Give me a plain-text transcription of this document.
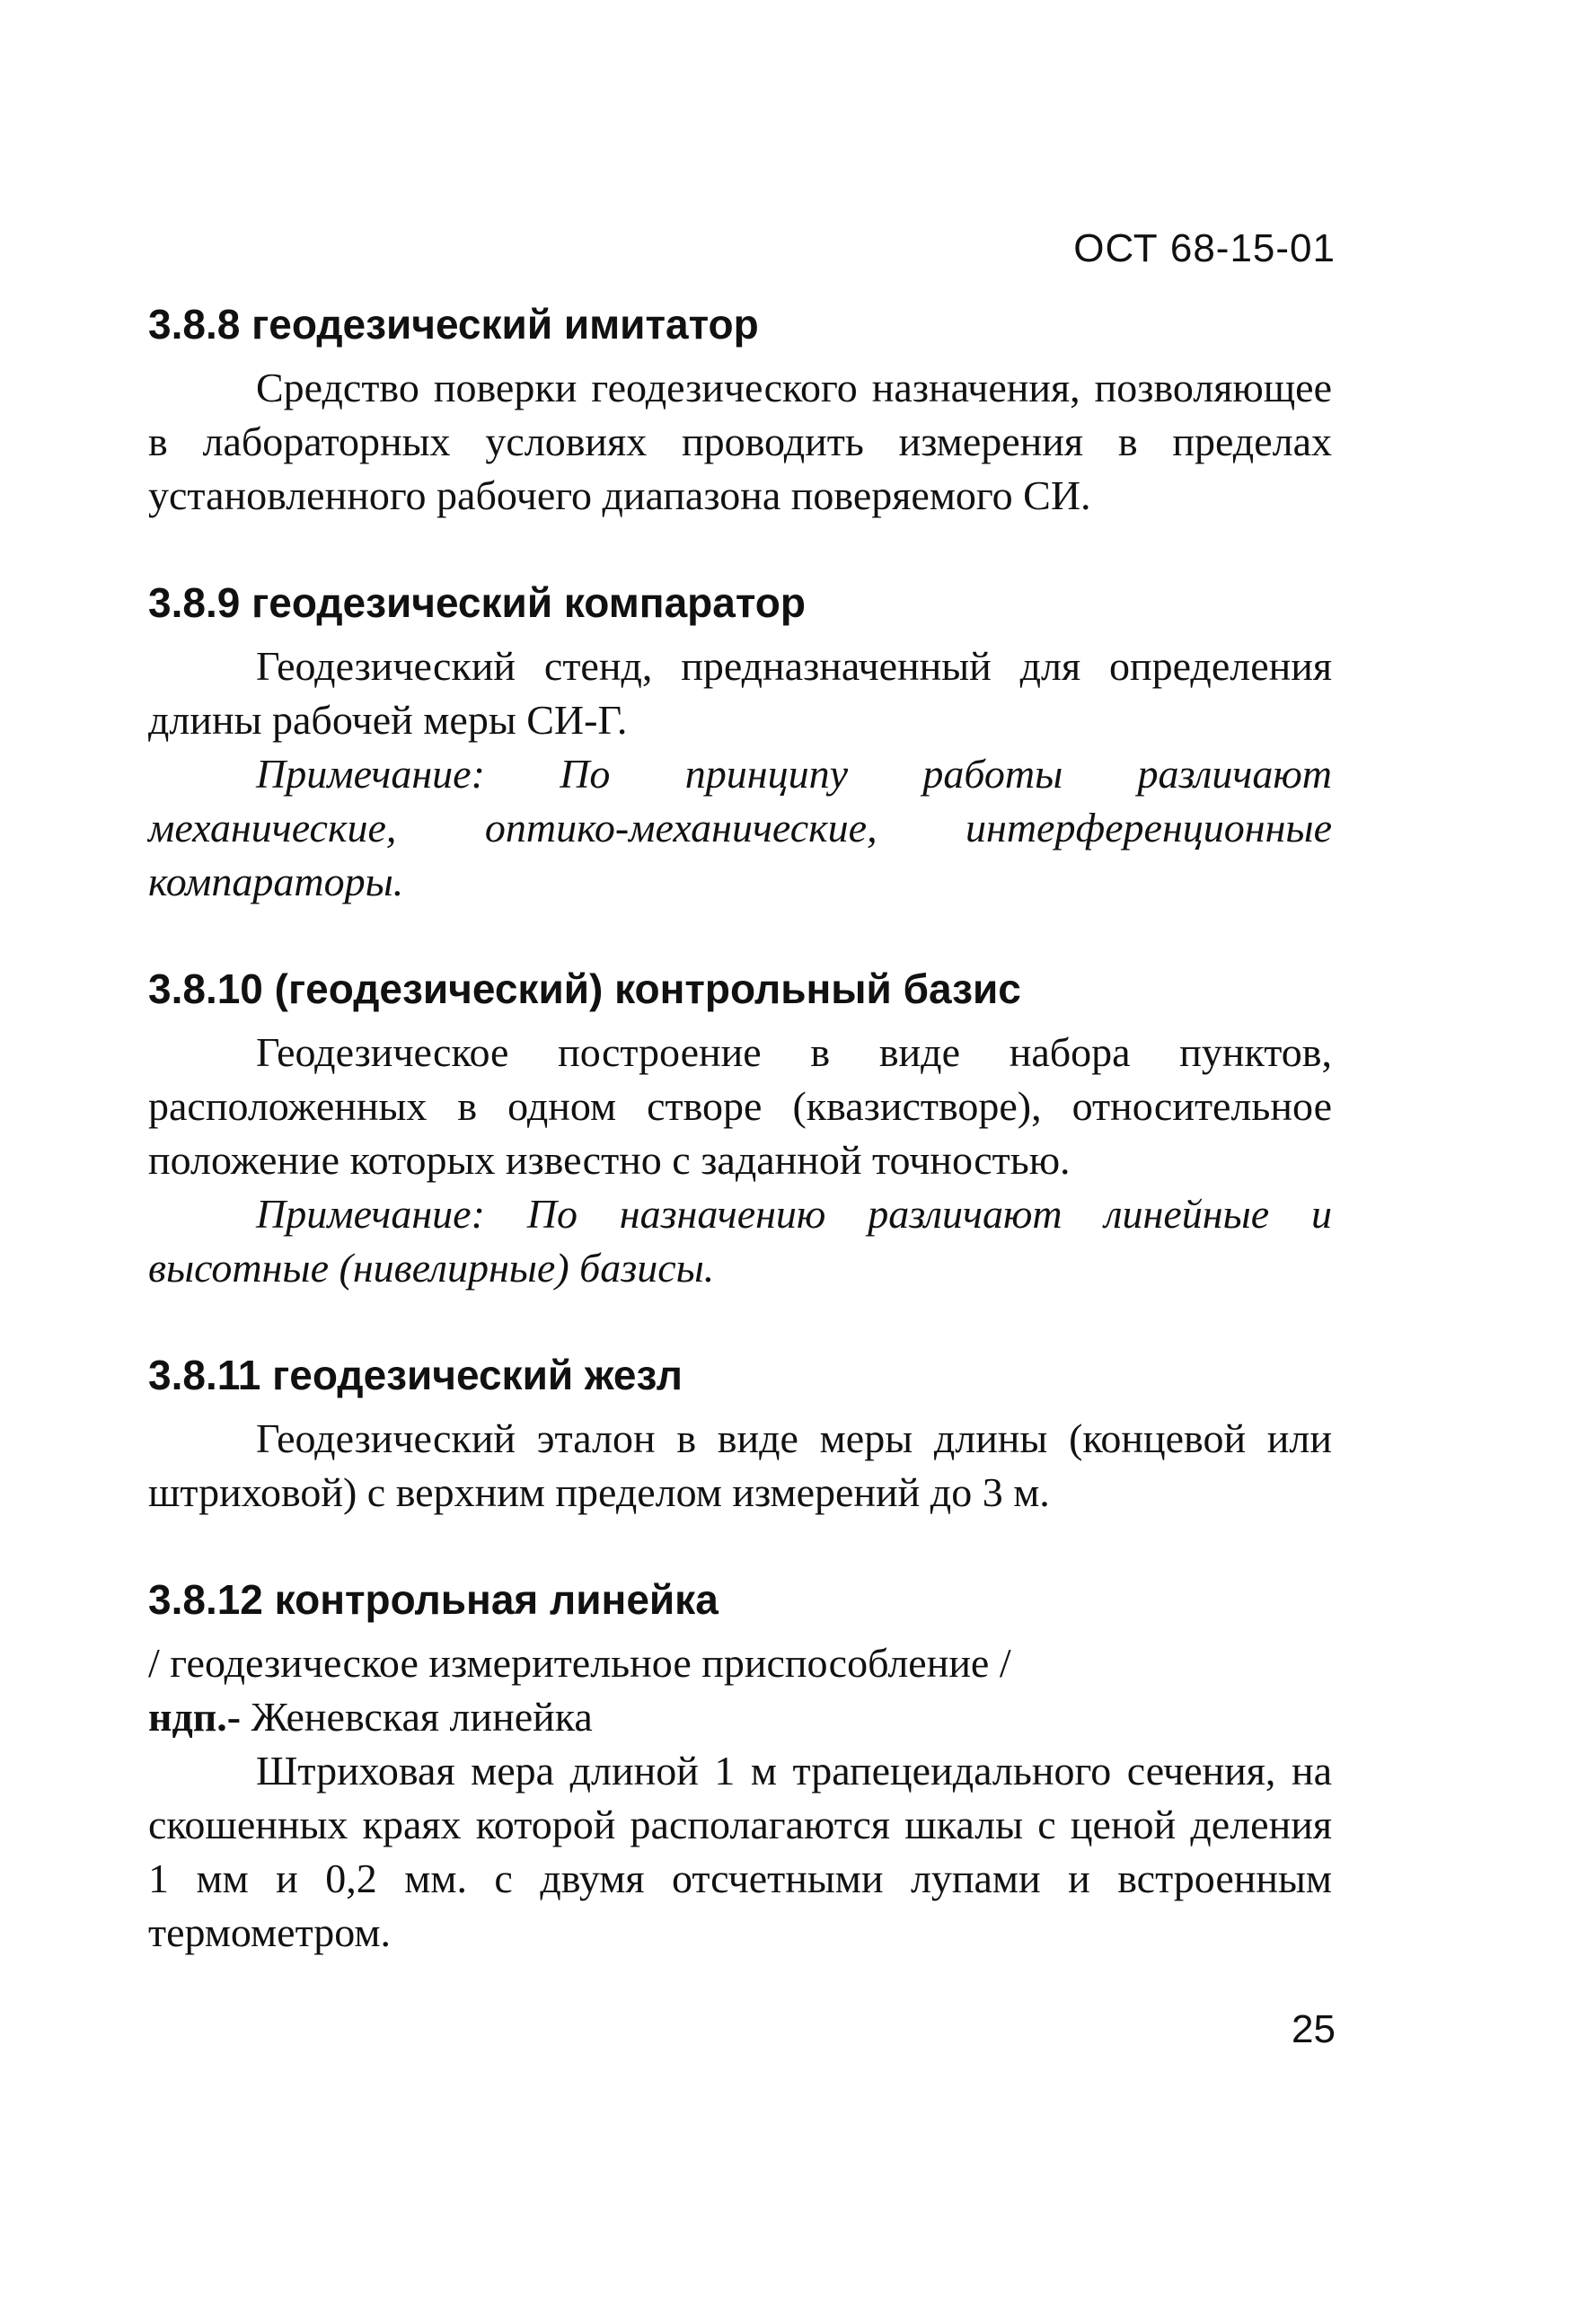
ОСТ 68-15-01
3.8.8 геодезический имитатор

Средство поверки геодезического назначения, позволяющее в лабораторных условиях проводить измерения в пределах установленного рабочего диапазона поверяемого СИ.

3.8.9 геодезический компаратор

Геодезический стенд, предназначенный для определения длины рабочей меры СИ-Г.

Примечание: По принципу работы различают механические, оптико-механические, интерференционные компараторы.

3.8.10 (геодезический) контрольный базис

Геодезическое построение в виде набора пунктов, расположенных в одном створе (квазистворе), относительное положение которых известно с заданной точностью.

Примечание: По назначению различают линейные и высотные (нивелирные) базисы.

3.8.11 геодезический жезл

Геодезический эталон в виде меры длины (концевой или штриховой) с верхним пределом измерений до 3 м.

3.8.12 контрольная линейка

/ геодезическое измерительное приспособление /

ндп.- Женевская линейка

Штриховая мера длиной 1 м трапецеидального сечения, на скошенных краях которой располагаются шкалы с ценой деления 1 мм и 0,2 мм. с двумя отсчетными лупами и встроенным термометром.

25
